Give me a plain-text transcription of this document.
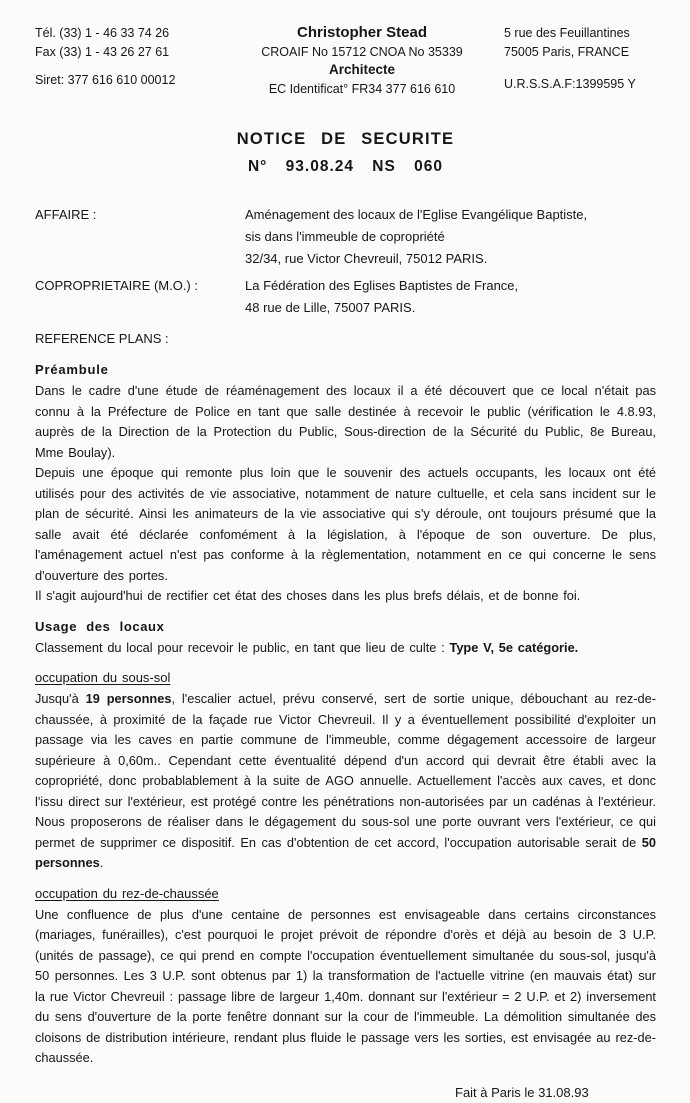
Tél. (33) 1 - 46 33 74 26
Fax (33) 1 - 43 26 27 61
Siret: 377 616 610 00012
Christopher Stead
CROAIF No 15712 CNOA No 35339
Architecte
EC Identificat° FR34 377 616 610
5 rue des Feuillantines
75005 Paris, FRANCE
U.R.S.S.A.F:1399595 Y
NOTICE DE SECURITE
N° 93.08.24 NS 060
AFFAIRE :	Aménagement des locaux de l'Eglise Evangélique Baptiste,
sis dans l'immeuble de copropriété
32/34, rue Victor Chevreuil, 75012 PARIS.
COPROPRIETAIRE (M.O.) :	La Fédération des Eglises Baptistes de France,
48 rue de Lille, 75007 PARIS.
REFERENCE PLANS :
Préambule

Dans le cadre d'une étude de réaménagement des locaux il a été découvert que ce local n'était pas connu à la Préfecture de Police en tant que salle destinée à recevoir le public (vérification le 4.8.93, auprès de la Direction de la Protection du Public, Sous-direction de la Sécurité du Public, 8e Bureau, Mme Boulay).

Depuis une époque qui remonte plus loin que le souvenir des actuels occupants, les locaux ont été utilisés pour des activités de vie associative, notamment de nature cultuelle, et cela sans incident sur le plan de sécurité. Ainsi les animateurs de la vie associative qui s'y déroule, ont toujours présumé que la salle avait été déclarée confomément à la législation, à l'époque de son ouverture. De plus, l'aménagement actuel n'est pas conforme à la règlementation, notamment en ce qui concerne le sens d'ouverture des portes.

Il s'agit aujourd'hui de rectifier cet état des choses dans les plus brefs délais, et de bonne foi.

Usage des locaux

Classement du local pour recevoir le public, en tant que lieu de culte : Type V, 5e catégorie.

occupation du sous-sol

Jusqu'à 19 personnes, l'escalier actuel, prévu conservé, sert de sortie unique, débouchant au rez-de-chaussée, à proximité de la façade rue Victor Chevreuil. Il y a éventuellement possibilité d'exploiter un passage via les caves en partie commune de l'immeuble, comme dégagement accessoire de largeur supérieure à 0,60m.. Cependant cette éventualité dépend d'un accord qui devrait être établi avec la copropriété, donc probablablement à la suite de AGO annuelle. Actuellement l'accès aux caves, et donc l'issu direct sur l'extérieur, est protégé contre les pénétrations non-autorisées par un cadénas à l'extérieur. Nous proposerons de réaliser dans le dégagement du sous-sol une porte ouvrant vers l'extérieur, ce qui permet de supprimer ce dispositif. En cas d'obtention de cet accord, l'occupation autorisable serait de 50 personnes.

occupation du rez-de-chaussée

Une confluence de plus d'une centaine de personnes est envisageable dans certains circonstances (mariages, funérailles), c'est pourquoi le projet prévoit de répondre d'orès et déjà au besoin de 3 U.P. (unités de passage), ce qui prend en compte l'occupation éventuellement simultanée du sous-sol, jusqu'à 50 personnes. Les 3 U.P. sont obtenus par 1) la transformation de l'actuelle vitrine (en mauvais état) sur la rue Victor Chevreuil : passage libre de largeur 1,40m. donnant sur l'extérieur = 2 U.P. et 2) inversement du sens d'ouverture de la porte fenêtre donnant sur la cour de l'immeuble. La démolition simultanée des cloisons de distribution intérieure, rendant plus fluide le passage vers les sorties, est envisagée au rez-de-chaussée.

Fait à Paris le 31.08.93
